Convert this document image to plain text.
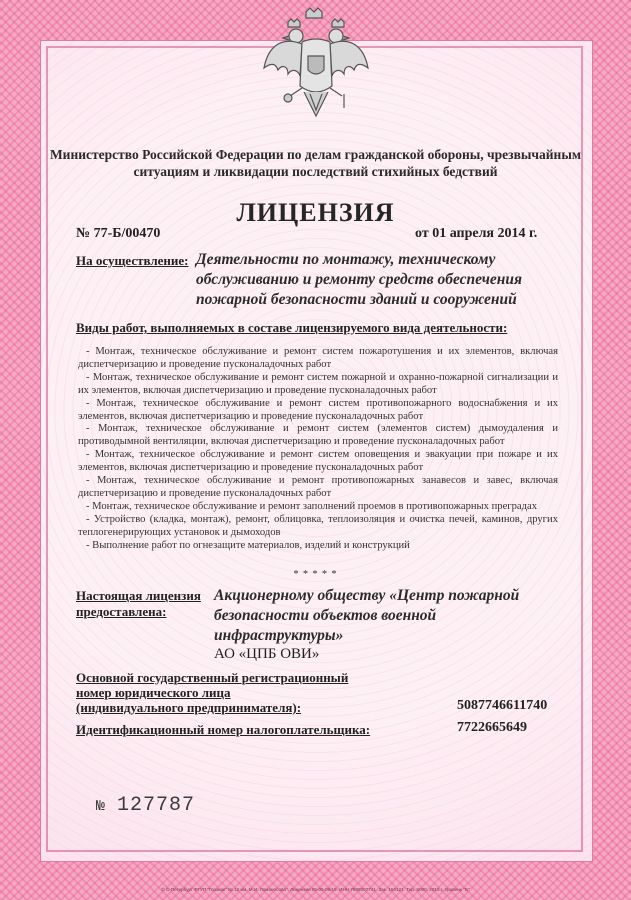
Министерство Российской Федерации по делам гражданской обороны, чрезвычайным ситуациям и ликвидации последствий стихийных бедствий
ЛИЦЕНЗИЯ
№ 77-Б/00470	от 01 апреля 2014 г.
На осуществление: Деятельности по монтажу, техническому
обслуживанию и ремонту средств обеспечения
пожарной безопасности зданий и сооружений
Виды работ, выполняемых в составе лицензируемого вида деятельности:

- Монтаж, техническое обслуживание и ремонт систем пожаротушения и их элементов, включая диспетчеризацию и проведение пусконаладочных работ

- Монтаж, техническое обслуживание и ремонт систем пожарной и охранно-пожарной сигнализации и их элементов, включая диспетчеризацию и проведение пусконаладочных работ

- Монтаж, техническое обслуживание и ремонт систем противопожарного водоснабжения и их элементов, включая диспетчеризацию и проведение пусконаладочных работ

- Монтаж, техническое обслуживание и ремонт систем (элементов систем) дымоудаления и противодымной вентиляции, включая диспетчеризацию и проведение пусконаладочных работ

- Монтаж, техническое обслуживание и ремонт систем оповещения и эвакуации при пожаре и их элементов, включая диспетчеризацию и проведение пусконаладочных работ

- Монтаж, техническое обслуживание и ремонт противопожарных занавесов и завес, включая диспетчеризацию и проведение пусконаладочных работ

- Монтаж, техническое обслуживание и ремонт заполнений проемов в противопожарных преградах

- Устройство (кладка, монтаж), ремонт, облицовка, теплоизоляция и очистка печей, каминов, других теплогенерирующих установок и дымоходов

- Выполнение работ по огнезащите материалов, изделий и конструкций

* * * * *
Настоящая лицензия
предоставлена:
Акционерному обществу «Центр пожарной
безопасности объектов военной
инфраструктуры»
АО «ЦПБ ОВИ»
Основной государственный регистрационный
номер юридического лица
(индивидуального предпринимателя):	5087746611740
Идентификационный номер налогоплательщика:	7722665649
№ 127787
© С-Петербург ФГУП "Гоззнак" № 12 им. М.И. Ломоносова". Лицензия 05-05-09/19. ИНН 7808007741. Зак. 150121. Тир. 5000. 2015 г. Уровень "Б"
